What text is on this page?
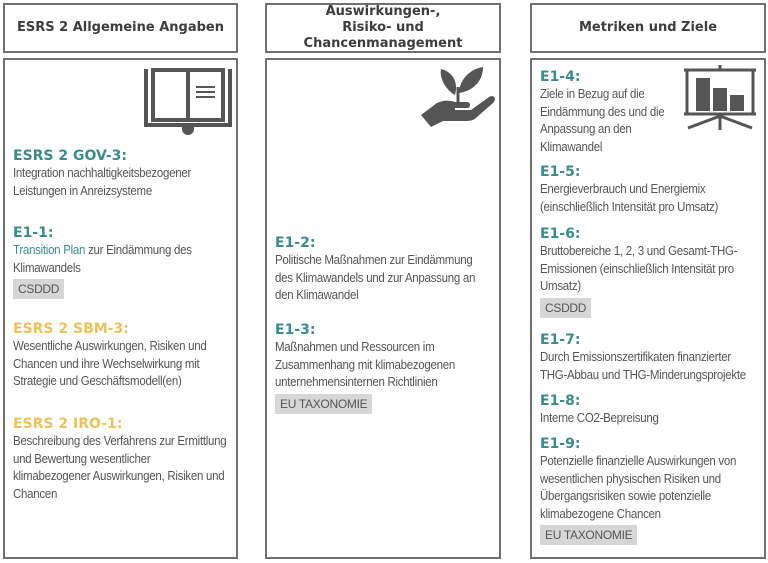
ESRS 2 Allgemeine Angaben
ESRS 2 GOV-3:
Integration nachhaltigkeitsbezogener Leistungen in Anreizsysteme
E1-1:
Transition Plan zur Eindämmung des Klimawandels
CSDDD
ESRS 2 SBM-3:
Wesentliche Auswirkungen, Risiken und Chancen und ihre Wechselwirkung mit Strategie und Geschäftsmodell(en)
ESRS 2 IRO-1:
Beschreibung des Verfahrens zur Ermittlung und Bewertung wesentlicher klimabezogener Auswirkungen, Risiken und Chancen
Auswirkungen-,
Risiko- und
Chancenmanagement
E1-2:
Politische Maßnahmen zur Eindämmung des Klimawandels und zur Anpassung an den Klimawandel
E1-3:
Maßnahmen und Ressourcen im Zusammenhang mit klimabezogenen unternehmensinternen Richtlinien
EU TAXONOMIE
Metriken und Ziele
E1-4:
Ziele in Bezug auf die Eindämmung des und die Anpassung an den Klimawandel
E1-5:
Energieverbrauch und Energiemix (einschließlich Intensität pro Umsatz)
E1-6:
Bruttobereiche 1, 2, 3 und Gesamt-THG-Emissionen (einschließlich Intensität pro Umsatz)
CSDDD
E1-7:
Durch Emissionszertifikaten finanzierter THG-Abbau und THG-Minderungsprojekte
E1-8:
Interne CO2-Bepreisung
E1-9:
Potenzielle finanzielle Auswirkungen von wesentlichen physischen Risiken und Übergangsrisiken sowie potenzielle klimabezogene Chancen
EU TAXONOMIE
